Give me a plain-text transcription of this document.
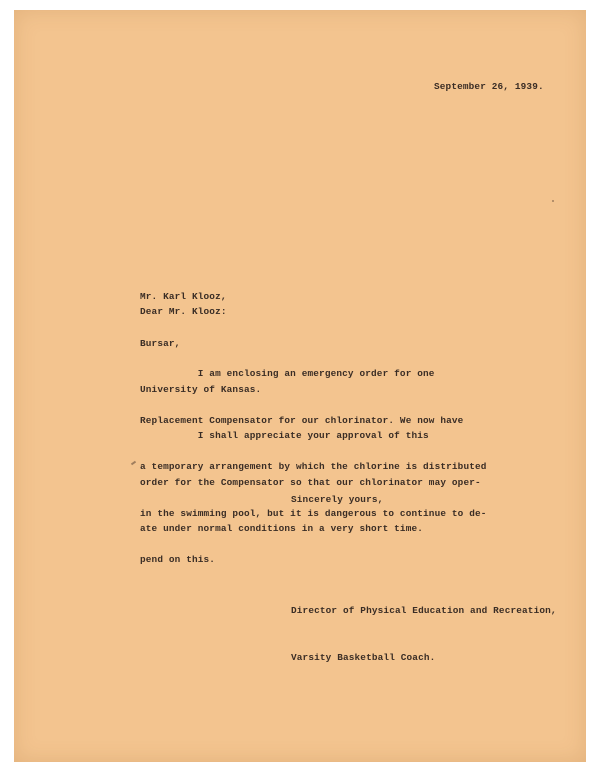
September 26, 1939.

Mr. Karl Klooz,

Bursar,

University of Kansas.

Dear Mr. Klooz:

I am enclosing an emergency order for one

Replacement Compensator for our chlorinator. We now have

a temporary arrangement by which the chlorine is distributed

in the swimming pool, but it is dangerous to continue to de-

pend on this.

I shall appreciate your approval of this

order for the Compensator so that our chlorinator may oper-

ate under normal conditions in a very short time.

Sincerely yours,

Director of Physical Education and Recreation,

Varsity Basketball Coach.
